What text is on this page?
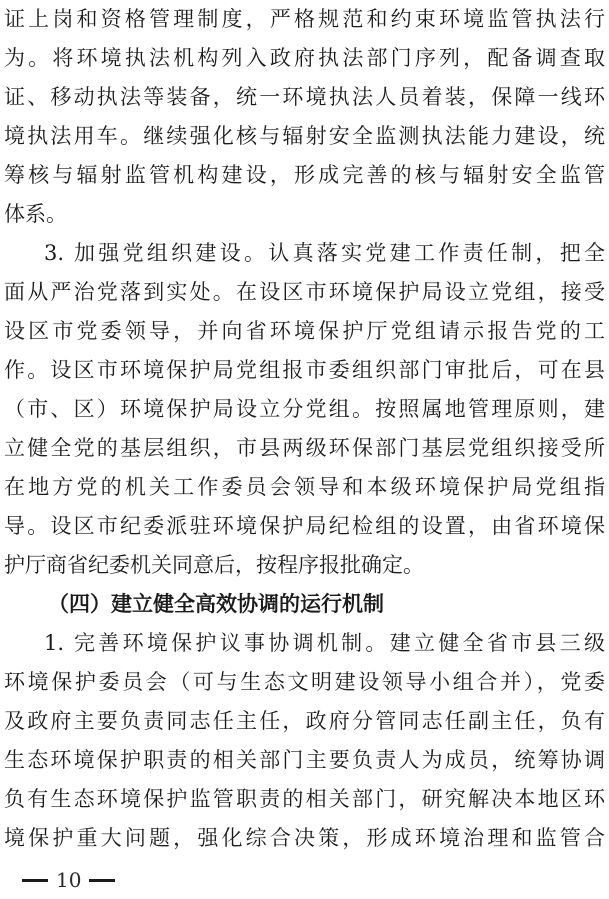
证上岗和资格管理制度，严格规范和约束环境监管执法行
为。将环境执法机构列入政府执法部门序列，配备调查取
证、移动执法等装备，统一环境执法人员着装，保障一线环
境执法用车。继续强化核与辐射安全监测执法能力建设，统
筹核与辐射监管机构建设，形成完善的核与辐射安全监管
体系。
3. 加强党组织建设。认真落实党建工作责任制，把全
面从严治党落到实处。在设区市环境保护局设立党组，接受
设区市党委领导，并向省环境保护厅党组请示报告党的工
作。设区市环境保护局党组报市委组织部门审批后，可在县
（市、区）环境保护局设立分党组。按照属地管理原则，建
立健全党的基层组织，市县两级环保部门基层党组织接受所
在地方党的机关工作委员会领导和本级环境保护局党组指
导。设区市纪委派驻环境保护局纪检组的设置，由省环境保
护厅商省纪委机关同意后，按程序报批确定。
（四）建立健全高效协调的运行机制
1. 完善环境保护议事协调机制。建立健全省市县三级
环境保护委员会（可与生态文明建设领导小组合并），党委
及政府主要负责同志任主任，政府分管同志任副主任，负有
生态环境保护职责的相关部门主要负责人为成员，统筹协调
负有生态环境保护监管职责的相关部门，研究解决本地区环
境保护重大问题，强化综合决策，形成环境治理和监管合
10
